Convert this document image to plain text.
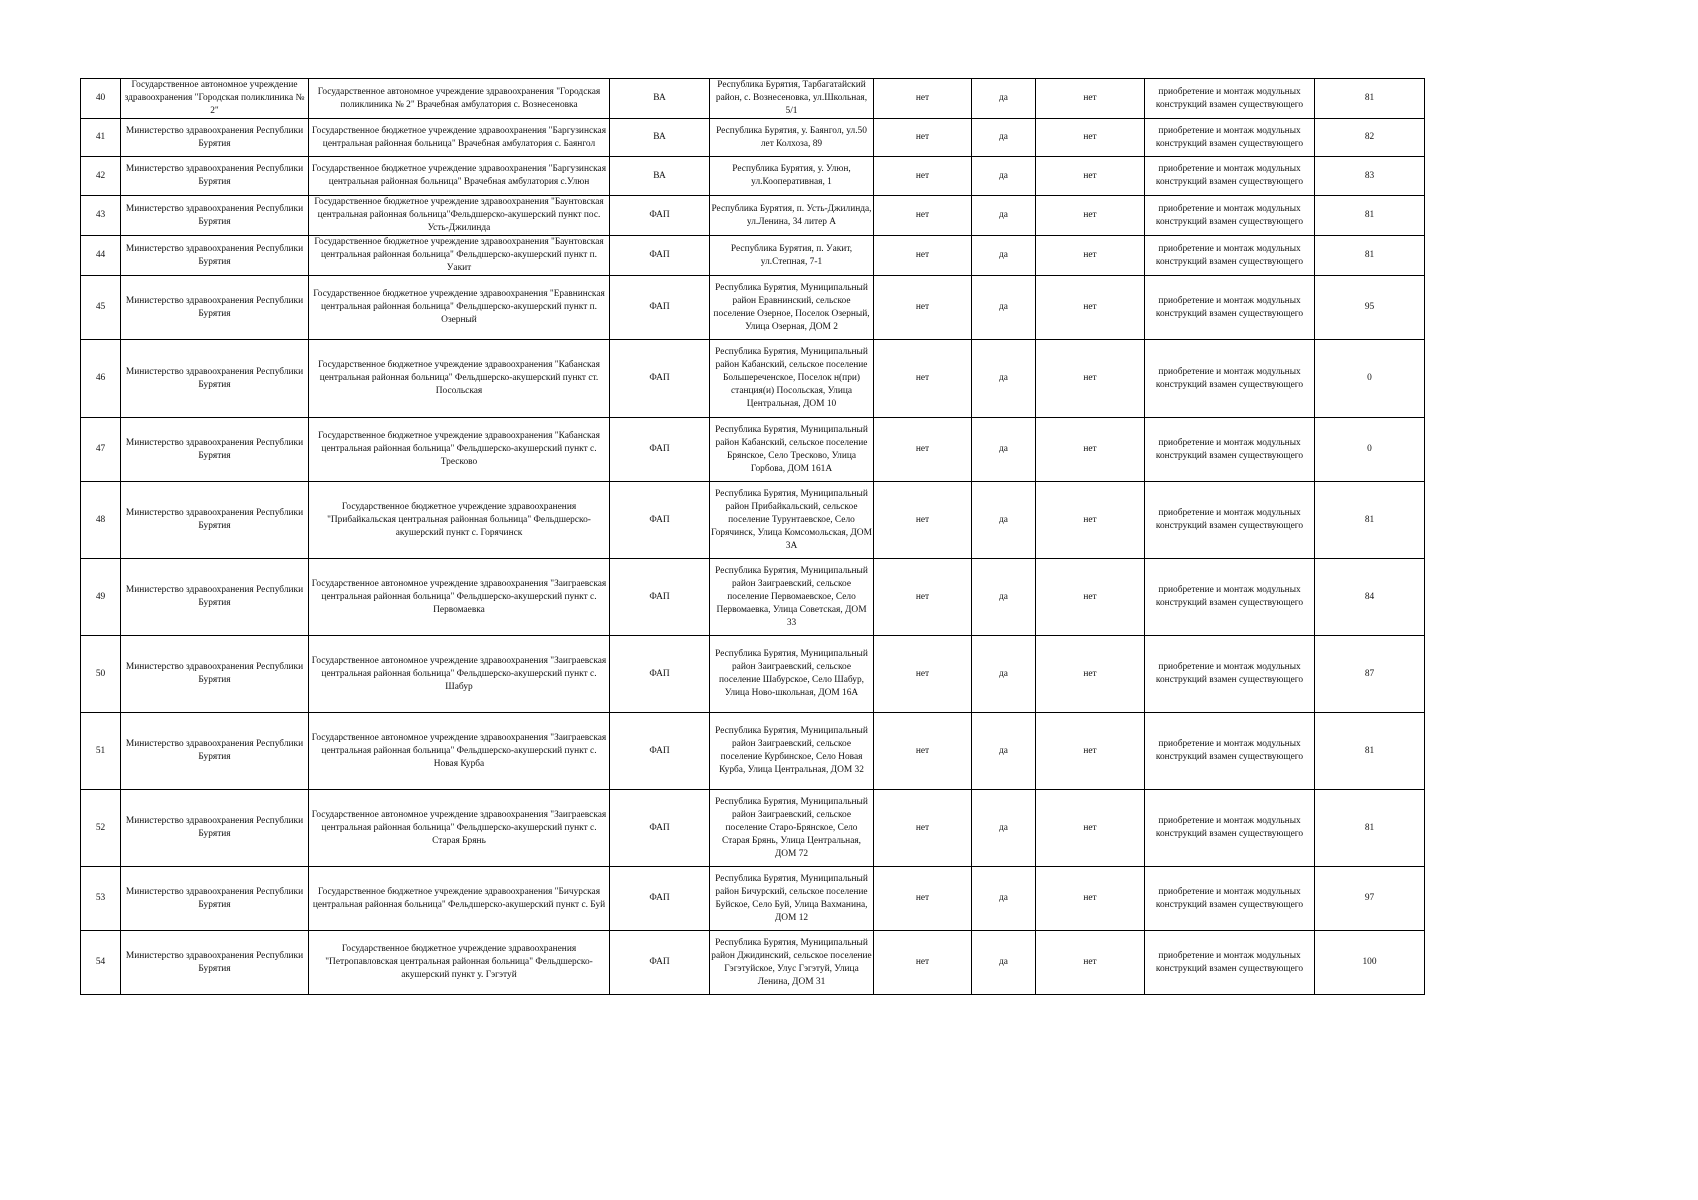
40	Государственное автономное учреждение здравоохранения "Городская поликлиника № 2"	Государственное автономное учреждение здравоохранения "Городская поликлиника № 2" Врачебная амбулатория с. Вознесеновка	ВА	Республика Бурятия, Тарбагатайский район, с. Вознесеновка, ул.Школьная, 5/1	нет	да	нет	приобретение и монтаж модульных конструкций взамен существующего	81
41	Министерство здравоохранения Республики Бурятия	Государственное бюджетное учреждение здравоохранения "Баргузинская центральная районная больница" Врачебная амбулатория с. Баянгол	ВА	Республика Бурятия, у. Баянгол, ул.50 лет Колхоза, 89	нет	да	нет	приобретение и монтаж модульных конструкций взамен существующего	82
42	Министерство здравоохранения Республики Бурятия	Государственное бюджетное учреждение здравоохранения "Баргузинская центральная районная больница" Врачебная амбулатория с.Улюн	ВА	Республика Бурятия, у. Улюн, ул.Кооперативная, 1	нет	да	нет	приобретение и монтаж модульных конструкций взамен существующего	83
43	Министерство здравоохранения Республики Бурятия	Государственное бюджетное учреждение здравоохранения "Баунтовская центральная районная больница"Фельдшерско-акушерский пункт пос. Усть-Джилинда	ФАП	Республика Бурятия, п. Усть-Джилинда, ул.Ленина, 34 литер А	нет	да	нет	приобретение и монтаж модульных конструкций взамен существующего	81
44	Министерство здравоохранения Республики Бурятия	Государственное бюджетное учреждение здравоохранения "Баунтовская центральная районная больница" Фельдшерско-акушерский пункт п. Уакит	ФАП	Республика Бурятия, п. Уакит, ул.Степная, 7-1	нет	да	нет	приобретение и монтаж модульных конструкций взамен существующего	81
45	Министерство здравоохранения Республики Бурятия	Государственное бюджетное учреждение здравоохранения "Еравнинская центральная районная больница" Фельдшерско-акушерский пункт п. Озерный	ФАП	Республика Бурятия, Муниципальный район Еравнинский, сельское поселение Озерное, Поселок Озерный, Улица Озерная, ДОМ 2	нет	да	нет	приобретение и монтаж модульных конструкций взамен существующего	95
46	Министерство здравоохранения Республики Бурятия	Государственное бюджетное учреждение здравоохранения "Кабанская центральная районная больница" Фельдшерско-акушерский пункт ст. Посольская	ФАП	Республика Бурятия, Муниципальный район Кабанский, сельское поселение Большереченское, Поселок н(при) станция(и) Посольская, Улица Центральная, ДОМ 10	нет	да	нет	приобретение и монтаж модульных конструкций взамен существующего	0
47	Министерство здравоохранения Республики Бурятия	Государственное бюджетное учреждение здравоохранения "Кабанская центральная районная больница" Фельдшерско-акушерский пункт с. Тресково	ФАП	Республика Бурятия, Муниципальный район Кабанский, сельское поселение Брянское, Село Тресково, Улица Горбова, ДОМ 161А	нет	да	нет	приобретение и монтаж модульных конструкций взамен существующего	0
48	Министерство здравоохранения Республики Бурятия	Государственное бюджетное учреждение здравоохранения "Прибайкальская центральная районная больница" Фельдшерско-акушерский пункт с. Горячинск	ФАП	Республика Бурятия, Муниципальный район Прибайкальский, сельское поселение Турунтаевское, Село Горячинск, Улица Комсомольская, ДОМ 3А	нет	да	нет	приобретение и монтаж модульных конструкций взамен существующего	81
49	Министерство здравоохранения Республики Бурятия	Государственное автономное учреждение здравоохранения "Заиграевская центральная районная больница" Фельдшерско-акушерский пункт с. Первомаевка	ФАП	Республика Бурятия, Муниципальный район Заиграевский, сельское поселение Первомаевское, Село Первомаевка, Улица Советская, ДОМ 33	нет	да	нет	приобретение и монтаж модульных конструкций взамен существующего	84
50	Министерство здравоохранения Республики Бурятия	Государственное автономное учреждение здравоохранения "Заиграевская центральная районная больница" Фельдшерско-акушерский пункт с. Шабур	ФАП	Республика Бурятия, Муниципальный район Заиграевский, сельское поселение Шабурское, Село Шабур, Улица Ново-школьная, ДОМ 16А	нет	да	нет	приобретение и монтаж модульных конструкций взамен существующего	87
51	Министерство здравоохранения Республики Бурятия	Государственное автономное учреждение здравоохранения "Заиграевская центральная районная больница" Фельдшерско-акушерский пункт с. Новая Курба	ФАП	Республика Бурятия, Муниципальный район Заиграевский, сельское поселение Курбинское, Село Новая Курба, Улица Центральная, ДОМ 32	нет	да	нет	приобретение и монтаж модульных конструкций взамен существующего	81
52	Министерство здравоохранения Республики Бурятия	Государственное автономное учреждение здравоохранения "Заиграевская центральная районная больница" Фельдшерско-акушерский пункт с. Старая Брянь	ФАП	Республика Бурятия, Муниципальный район Заиграевский, сельское поселение Старо-Брянское, Село Старая Брянь, Улица Центральная, ДОМ 72	нет	да	нет	приобретение и монтаж модульных конструкций взамен существующего	81
53	Министерство здравоохранения Республики Бурятия	Государственное бюджетное учреждение здравоохранения "Бичурская центральная районная больница" Фельдшерско-акушерский пункт с. Буй	ФАП	Республика Бурятия, Муниципальный район Бичурский, сельское поселение Буйское, Село Буй, Улица Вахманина, ДОМ 12	нет	да	нет	приобретение и монтаж модульных конструкций взамен существующего	97
54	Министерство здравоохранения Республики Бурятия	Государственное бюджетное учреждение здравоохранения "Петропавловская центральная районная больница" Фельдшерско-акушерский пункт у. Гэгэтуй	ФАП	Республика Бурятия, Муниципальный район Джидинский, сельское поселение Гэгэтуйское, Улус Гэгэтуй, Улица Ленина, ДОМ 31	нет	да	нет	приобретение и монтаж модульных конструкций взамен существующего	100
